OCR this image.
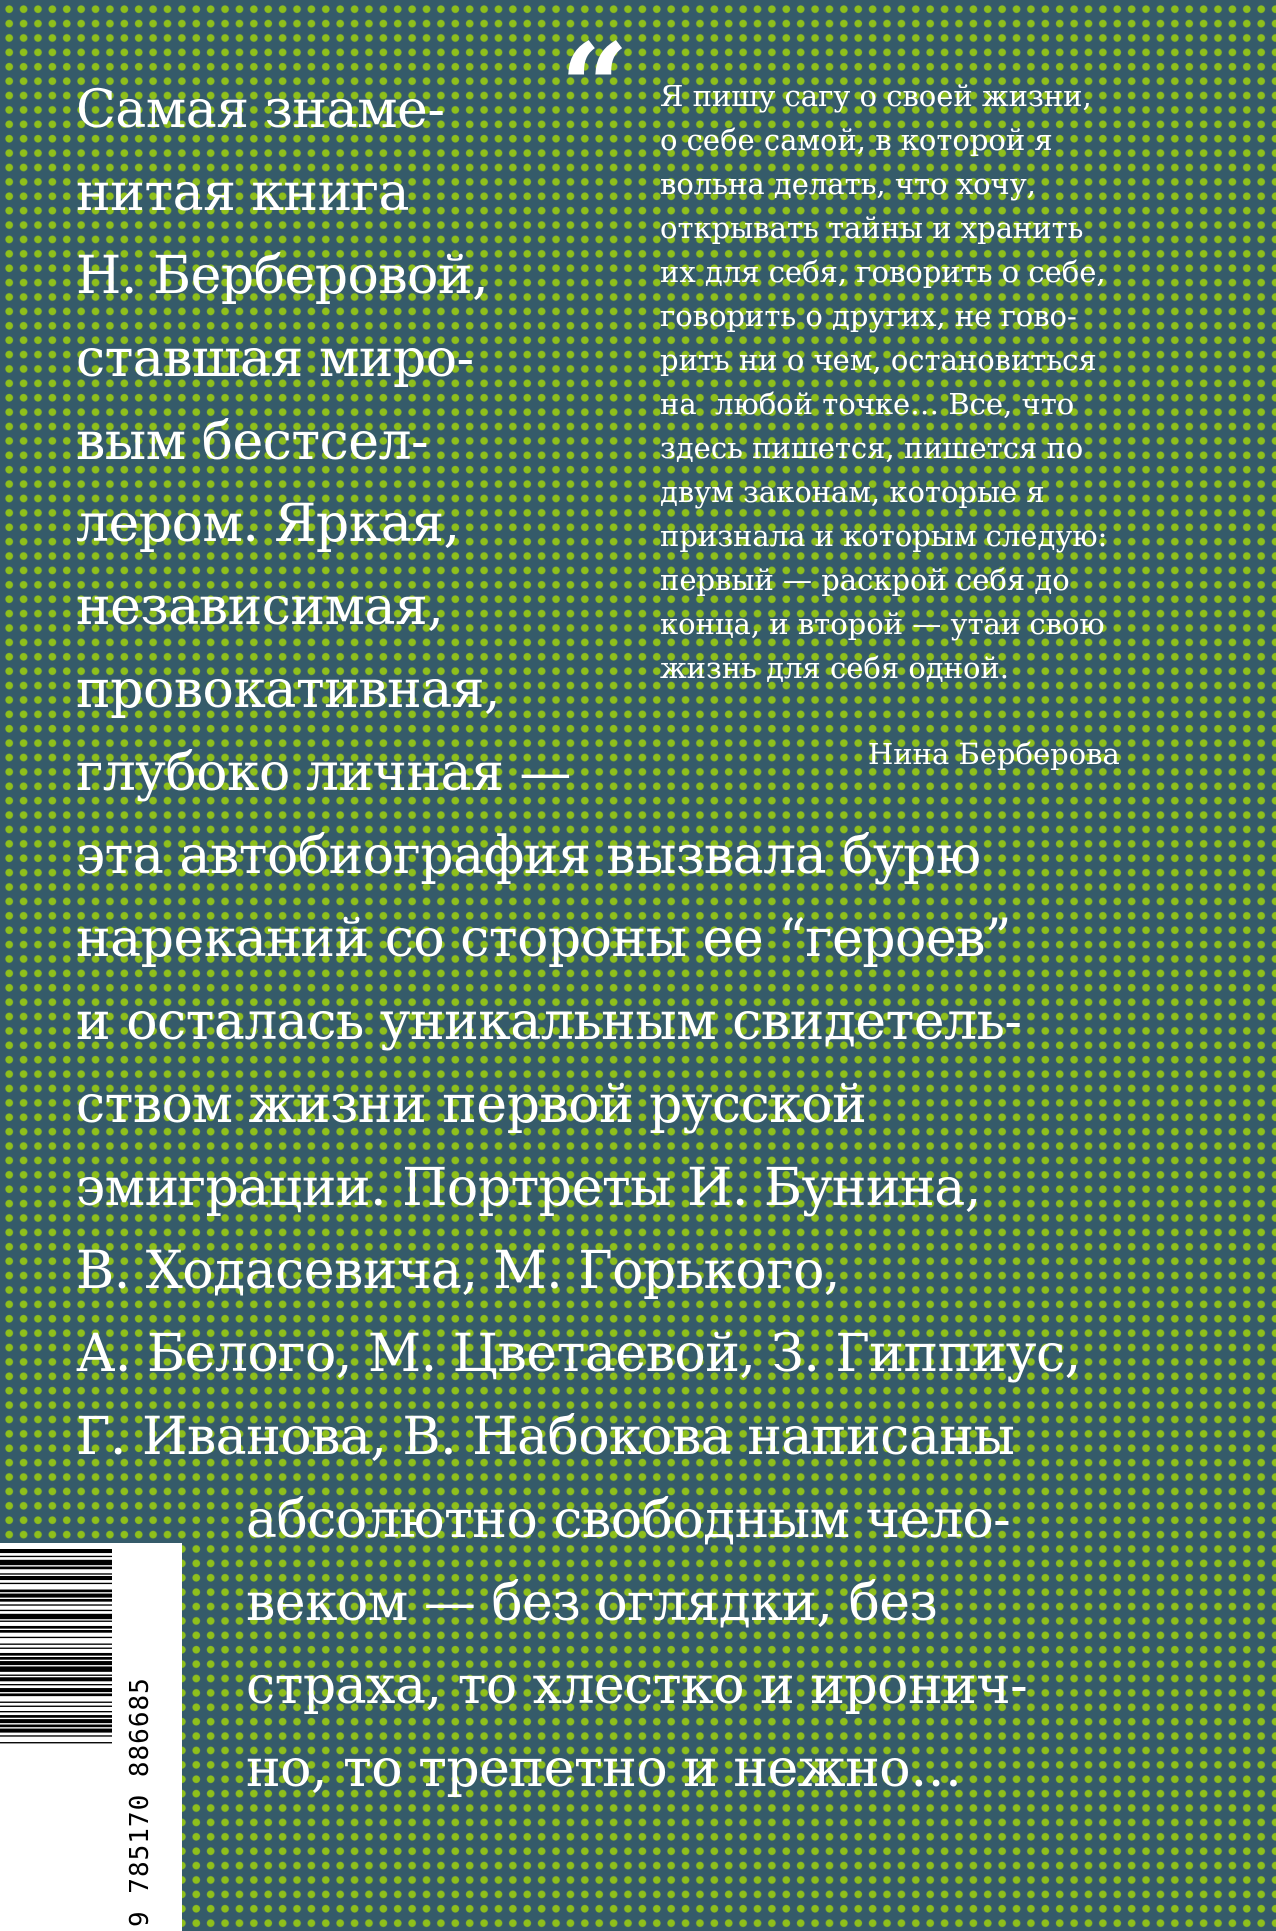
Самая знаме-
нитая книга
Н. Берберовой,
ставшая миро-
вым бестсел-
лером. Яркая,
независимая,
провокативная,
глубоко личная —
эта автобиография вызвала бурю
нареканий со стороны ее “героев”
и осталась уникальным свидетель-
ством жизни первой русской
эмиграции. Портреты И. Бунина,
В. Ходасевича, М. Горького,
А. Белого, М. Цветаевой, З. Гиппиус,
Г. Иванова, В. Набокова написаны
абсолютно свободным чело-
веком — без оглядки, без
страха, то хлестко и иронич-
но, то трепетно и нежно…
“ Я пишу сагу о своей жизни,
о себе самой, в которой я
вольна делать, что хочу,
открывать тайны и хранить
их для себя, говорить о себе,
говорить о других, не гово-
рить ни о чем, остановиться
на  любой точке… Все, что
здесь пишется, пишется по
двум законам, которые я
признала и которым следую:
первый — раскрой себя до
конца, и второй — утаи свою
жизнь для себя одной.
Нина Берберова
9 785170 886685
